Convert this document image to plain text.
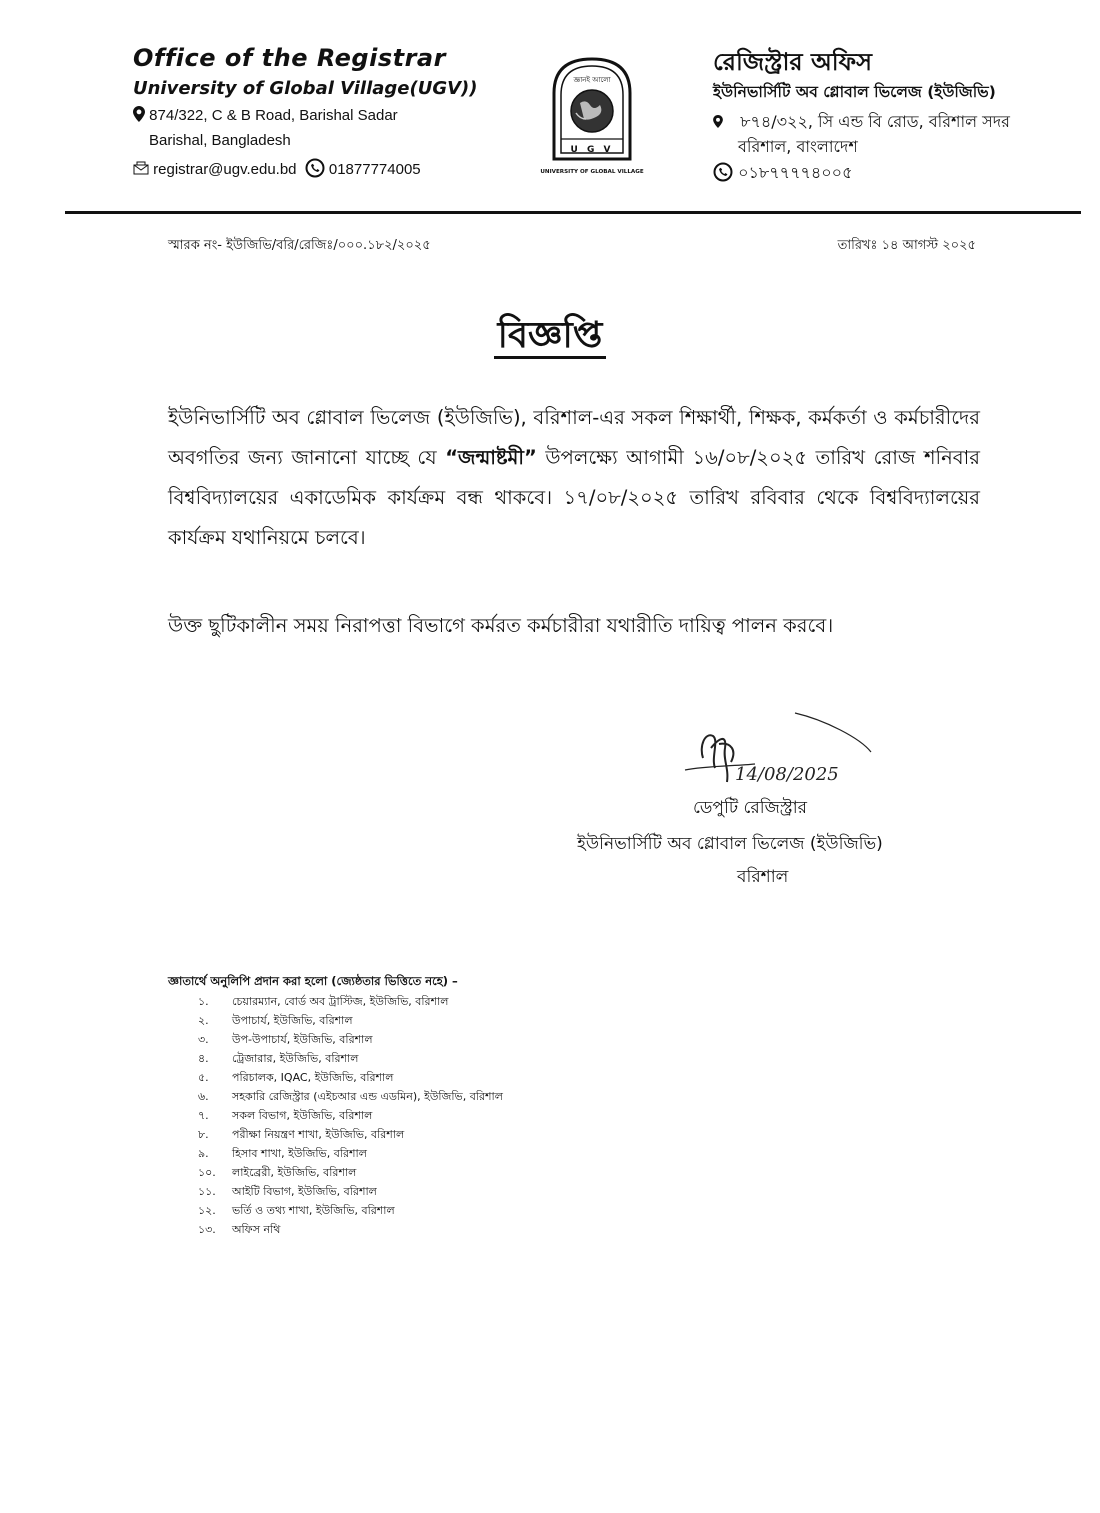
Office of the Registrar
University of Global Village(UGV))
874/322, C & B Road, Barishal Sadar
Barishal, Bangladesh
registrar@ugv.edu.bd 01877774005
জ্ঞানই আলো
U G V
UNIVERSITY OF GLOBAL VILLAGE
রেজিস্ট্রার অফিস
ইউনিভার্সিটি অব গ্লোবাল ভিলেজ (ইউজিভি)
৮৭৪/৩২২, সি এন্ড বি রোড, বরিশাল সদর
বরিশাল, বাংলাদেশ
০১৮৭৭৭৭৪০০৫
স্মারক নং- ইউজিভি/বরি/রেজিঃ/০০০.১৮২/২০২৫	তারিখঃ ১৪ আগস্ট ২০২৫
বিজ্ঞপ্তি
ইউনিভার্সিটি অব গ্লোবাল ভিলেজ (ইউজিভি), বরিশাল-এর সকল শিক্ষার্থী, শিক্ষক, কর্মকর্তা ও কর্মচারীদের অবগতির জন্য জানানো যাচ্ছে যে “জন্মাষ্টমী” উপলক্ষ্যে আগামী ১৬/০৮/২০২৫ তারিখ রোজ শনিবার বিশ্ববিদ্যালয়ের একাডেমিক কার্যক্রম বন্ধ থাকবে। ১৭/০৮/২০২৫ তারিখ রবিবার থেকে বিশ্ববিদ্যালয়ের কার্যক্রম যথানিয়মে চলবে।
উক্ত ছুটিকালীন সময় নিরাপত্তা বিভাগে কর্মরত কর্মচারীরা যথারীতি দায়িত্ব পালন করবে।
14/08/2025
ডেপুটি রেজিস্ট্রার
ইউনিভার্সিটি অব গ্লোবাল ভিলেজ (ইউজিভি)
বরিশাল
জ্ঞাতার্থে অনুলিপি প্রদান করা হলো (জ্যেষ্ঠতার ভিত্তিতে নহে) –
১.	চেয়ারম্যান, বোর্ড অব ট্রাস্টিজ, ইউজিভি, বরিশাল
২.	উপাচার্য, ইউজিভি, বরিশাল
৩.	উপ-উপাচার্য, ইউজিভি, বরিশাল
৪.	ট্রেজারার, ইউজিভি, বরিশাল
৫.	পরিচালক, IQAC, ইউজিভি, বরিশাল
৬.	সহকারি রেজিস্ট্রার (এইচআর এন্ড এডমিন), ইউজিভি, বরিশাল
৭.	সকল বিভাগ, ইউজিভি, বরিশাল
৮.	পরীক্ষা নিয়ন্ত্রণ শাখা, ইউজিভি, বরিশাল
৯.	হিসাব শাখা, ইউজিভি, বরিশাল
১০.	লাইব্রেরী, ইউজিভি, বরিশাল
১১.	আইটি বিভাগ, ইউজিভি, বরিশাল
১২.	ভর্তি ও তথ্য শাখা, ইউজিভি, বরিশাল
১৩.	অফিস নথি
